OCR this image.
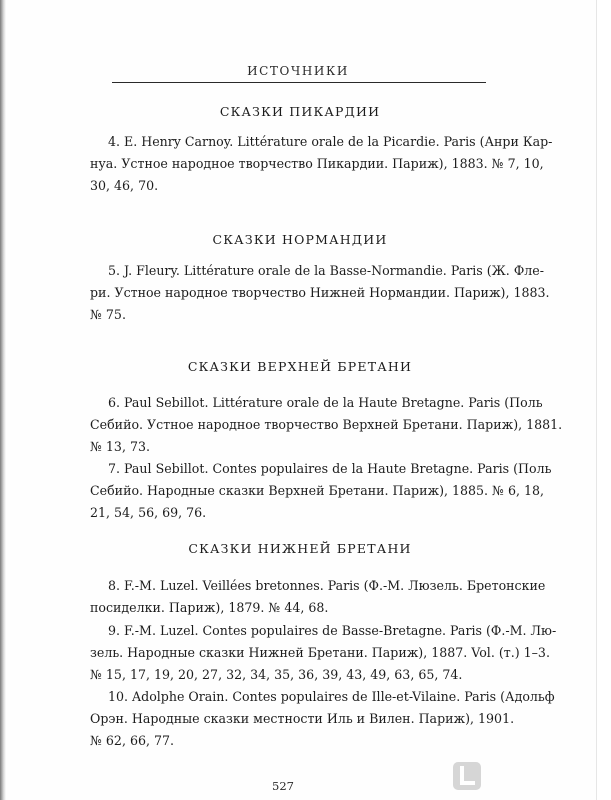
ИСТОЧНИКИ
СКАЗКИ ПИКАРДИИ
4. E. Henry Carnoy. Littérature orale de la Picardie. Paris (Анри Кар-
нуа. Устное народное творчество Пикардии. Париж), 1883. № 7, 10,
30, 46, 70.
СКАЗКИ НОРМАНДИИ
5. J. Fleury. Littérature orale de la Basse-Normandie. Paris (Ж. Флe-
ри. Устное народное творчество Нижней Нормандии. Париж), 1883.
№ 75.
СКАЗКИ ВЕРХНЕЙ БРЕТАНИ
6. Paul Sebillot. Littérature orale de la Haute Bretagne. Paris (Поль
Себийо. Устное народное творчество Верхней Бретани. Париж), 1881.
№ 13, 73.
7. Paul Sebillot. Contes populaires de la Haute Bretagne. Paris (Поль
Себийо. Народные сказки Верхней Бретани. Париж), 1885. № 6, 18,
21, 54, 56, 69, 76.
СКАЗКИ НИЖНЕЙ БРЕТАНИ
8. F.-M. Luzel. Veillées bretonnes. Paris (Ф.-М. Люзель. Бретонские
посиделки. Париж), 1879. № 44, 68.
9. F.-M. Luzel. Contes populaires de Basse-Bretagne. Paris (Ф.-М. Лю-
зель. Народные сказки Нижней Бретани. Париж), 1887. Vol. (т.) 1–3.
№ 15, 17, 19, 20, 27, 32, 34, 35, 36, 39, 43, 49, 63, 65, 74.
10. Adolphe Orain. Contes populaires de Ille-et-Vilaine. Paris (Адольф
Орэн. Народные сказки местности Иль и Вилен. Париж), 1901.
№ 62, 66, 77.
527
